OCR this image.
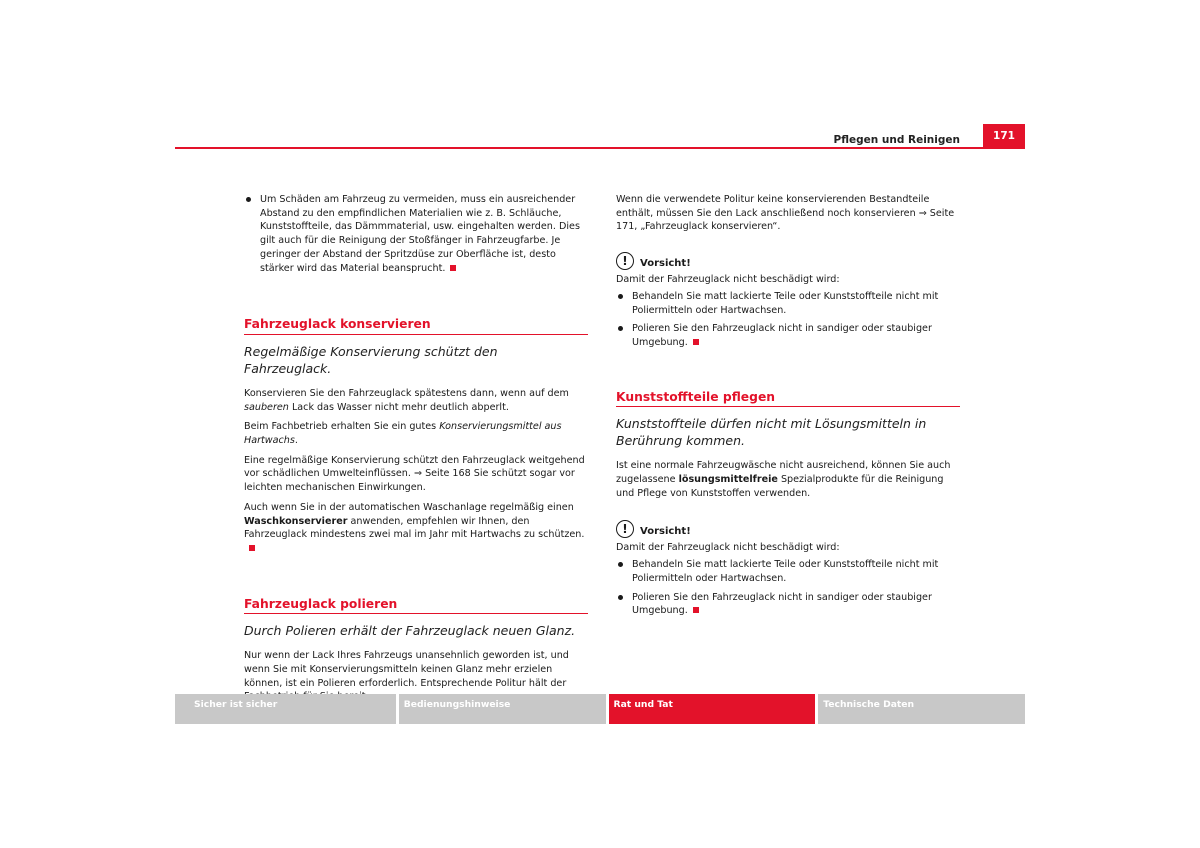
Pflegen und Reinigen	171
Um Schäden am Fahrzeug zu vermeiden, muss ein ausreichender Abstand zu den empfindlichen Materialien wie z. B. Schläuche, Kunststoffteile, das Dämmmaterial, usw. eingehalten werden. Dies gilt auch für die Reinigung der Stoßfänger in Fahrzeugfarbe. Je geringer der Abstand der Spritzdüse zur Oberfläche ist, desto stärker wird das Material beansprucht.
Fahrzeuglack konservieren
Regelmäßige Konservierung schützt den Fahrzeuglack.

Konservieren Sie den Fahrzeuglack spätestens dann, wenn auf dem sauberen Lack das Wasser nicht mehr deutlich abperlt.

Beim Fachbetrieb erhalten Sie ein gutes Konservierungsmittel aus Hartwachs.

Eine regelmäßige Konservierung schützt den Fahrzeuglack weitgehend vor schädlichen Umwelteinflüssen. ⇒ Seite 168 Sie schützt sogar vor leichten mechanischen Einwirkungen.

Auch wenn Sie in der automatischen Waschanlage regelmäßig einen Waschkonservierer anwenden, empfehlen wir Ihnen, den Fahrzeuglack mindestens zwei mal im Jahr mit Hartwachs zu schützen.

Fahrzeuglack polieren
Durch Polieren erhält der Fahrzeuglack neuen Glanz.

Nur wenn der Lack Ihres Fahrzeugs unansehnlich geworden ist, und wenn Sie mit Konservierungsmitteln keinen Glanz mehr erzielen können, ist ein Polieren erforderlich. Entsprechende Politur hält der

Wenn die verwendete Politur keine konservierenden Bestandteile enthält, müssen Sie den Lack anschließend noch konservieren ⇒ Seite 171, „Fahrzeuglack konservieren“.

!	Vorsicht!

Damit der Fahrzeuglack nicht beschädigt wird:

Behandeln Sie matt lackierte Teile oder Kunststoffteile nicht mit Poliermitteln oder Hartwachsen.
Polieren Sie den Fahrzeuglack nicht in sandiger oder staubiger Umgebung.
Kunststoffteile pflegen
Kunststoffteile dürfen nicht mit Lösungsmitteln in Berührung kommen.

Ist eine normale Fahrzeugwäsche nicht ausreichend, können Sie auch zugelassene lösungsmittelfreie Spezialprodukte für die Reinigung und Pflege von Kunststoffen verwenden.

!	Vorsicht!

Damit der Fahrzeuglack nicht beschädigt wird:

Behandeln Sie matt lackierte Teile oder Kunststoffteile nicht mit Poliermitteln oder Hartwachsen.
Polieren Sie den Fahrzeuglack nicht in sandiger oder staubiger Umgebung.
Sicher ist sicher	Bedienungshinweise	Rat und Tat	Technische Daten
